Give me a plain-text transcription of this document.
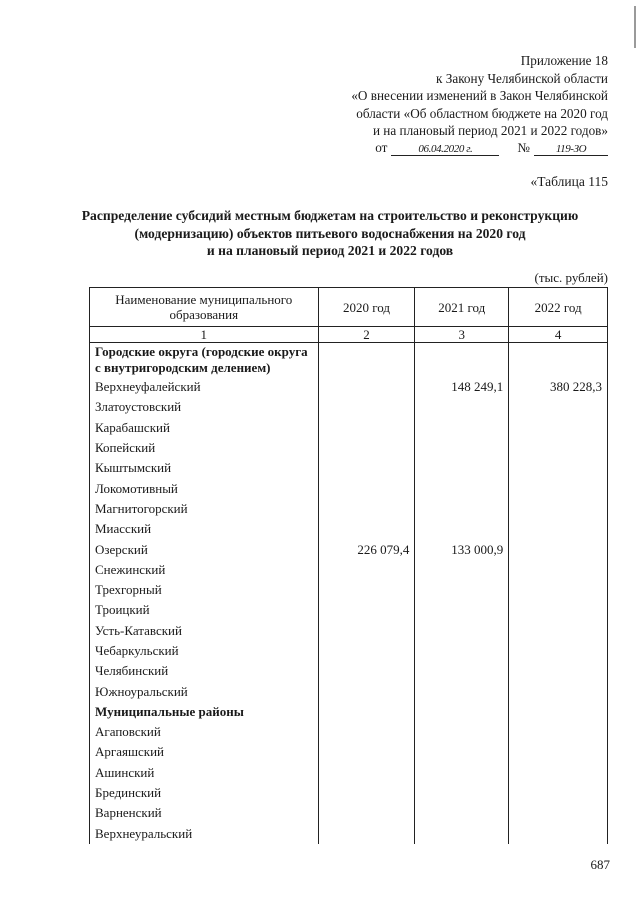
Приложение 18
к Закону Челябинской области
«О внесении изменений в Закон Челябинской
области «Об областном бюджете на 2020 год
и на плановый период 2021 и 2022 годов»
от	06.04.2020 г.	№	119-ЗО
«Таблица 115
Распределение субсидий местным бюджетам на строительство и реконструкцию
(модернизацию) объектов питьевого водоснабжения на 2020 год
и на плановый период 2021 и 2022 годов
(тыс. рублей)
Наименование муниципального образования	2020 год	2021 год	2022 год
1	2	3	4
Городские округа (городские округа с внутригородским делением)			
Верхнеуфалейский		148 249,1	380 228,3
Златоустовский			
Карабашский			
Копейский			
Кыштымский			
Локомотивный			
Магнитогорский			
Миасский			
Озерский	226 079,4	133 000,9	
Снежинский			
Трехгорный			
Троицкий			
Усть-Катавский			
Чебаркульский			
Челябинский			
Южноуральский			
Муниципальные районы			
Агаповский			
Аргаяшский			
Ашинский			
Брединский			
Варненский			
Верхнеуральский			
687
